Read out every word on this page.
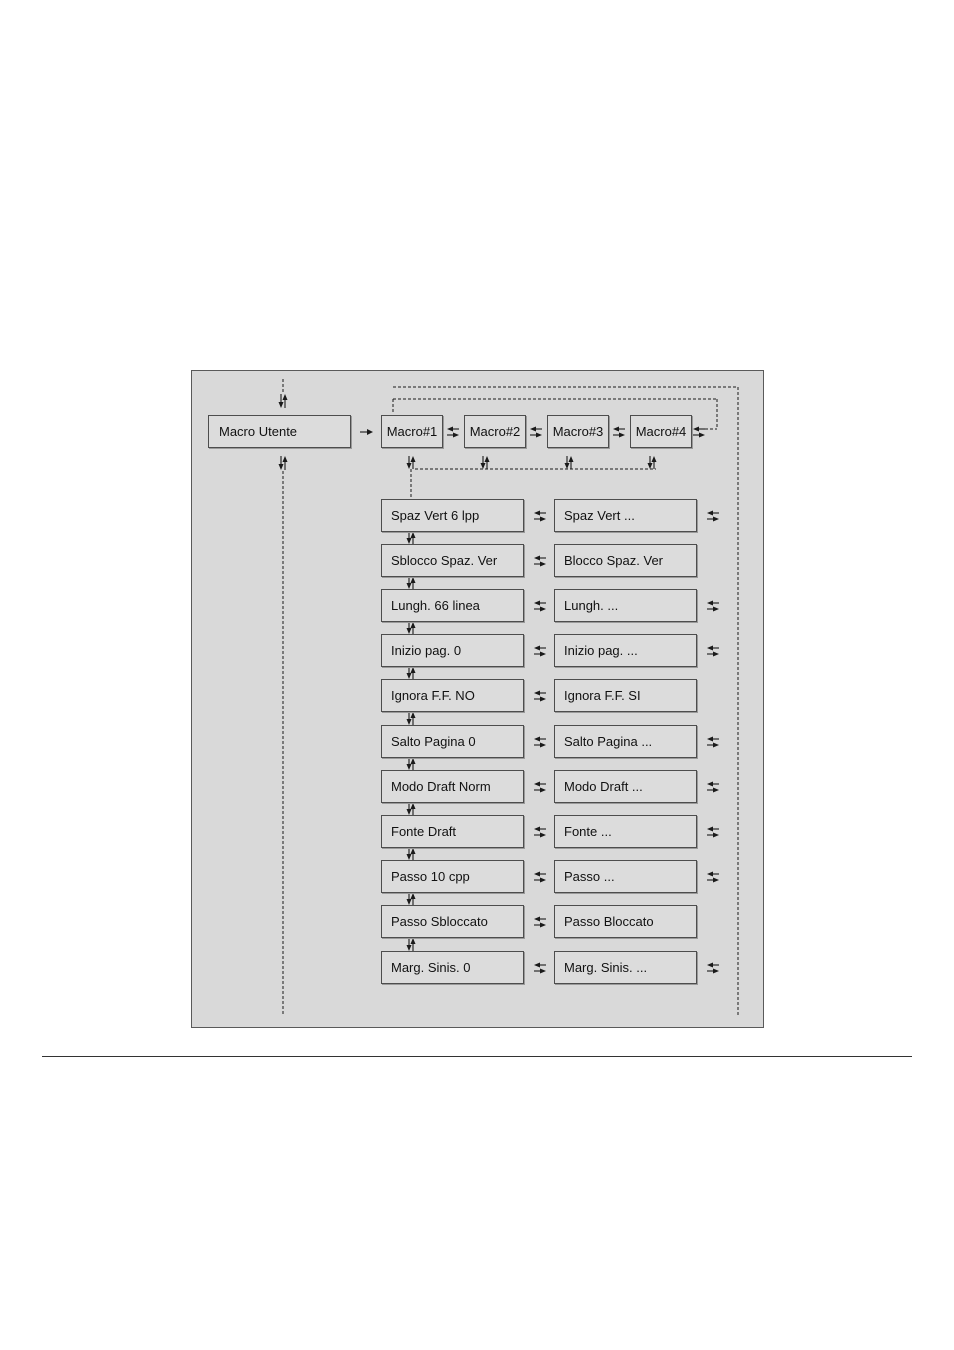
Macro Utente	Macro#1	Macro#2	Macro#3	Macro#4
Spaz Vert 6 lpp	Spaz Vert ...
Sblocco Spaz. Ver	Blocco Spaz. Ver
Lungh. 66 linea	Lungh. ...
Inizio pag. 0	Inizio pag. ...
Ignora F.F. NO	Ignora F.F. SI
Salto Pagina 0	Salto Pagina ...
Modo Draft Norm	Modo Draft ...
Fonte Draft	Fonte ...
Passo 10 cpp	Passo ...
Passo Sbloccato	Passo Bloccato
Marg. Sinis. 0	Marg. Sinis. ...
